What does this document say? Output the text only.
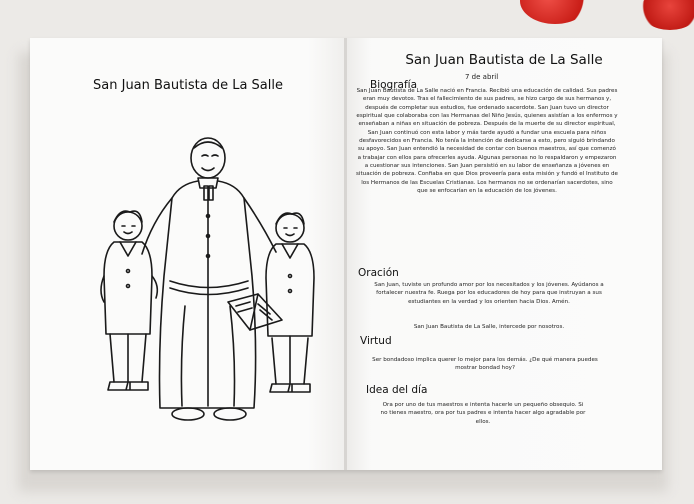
San Juan Bautista de La Salle
San Juan Bautista de La Salle
Biografía
7 de abril

San Juan Bautista de La Salle nació en Francia. Recibió una educación de calidad. Sus padres eran muy devotos. Tras el fallecimiento de sus padres, se hizo cargo de sus hermanos y, después de completar sus estudios, fue ordenado sacerdote. San Juan tuvo un director espiritual que colaboraba con las Hermanas del Niño Jesús, quienes asistían a los enfermos y enseñaban a niñas en situación de pobreza. Después de la muerte de su director espiritual, San Juan continuó con esta labor y más tarde ayudó a fundar una escuela para niños desfavorecidos en Francia. No tenía la intención de dedicarse a esto, pero siguió brindando su apoyo. San Juan entendió la necesidad de contar con buenos maestros, así que comenzó a trabajar con ellos para ofrecerles ayuda. Algunas personas no lo respaldaron y empezaron a cuestionar sus intenciones. San Juan persistió en su labor de enseñanza a jóvenes en situación de pobreza. Confiaba en que Dios proveería para esta misión y fundó el Instituto de los Hermanos de las Escuelas Cristianas. Los hermanos no se ordenarían sacerdotes, sino que se enfocarían en la educación de los jóvenes.

Oración

San Juan, tuviste un profundo amor por los necesitados y los jóvenes. Ayúdanos a fortalecer nuestra fe. Ruega por los educadores de hoy para que instruyan a sus estudiantes en la verdad y los orienten hacia Dios. Amén.

San Juan Bautista de La Salle, intercede por nosotros.

Virtud

Ser bondadoso implica querer lo mejor para los demás. ¿De qué manera puedes mostrar bondad hoy?

Idea del día

Ora por uno de tus maestros e intenta hacerle un pequeño obsequio. Si no tienes maestro, ora por tus padres e intenta hacer algo agradable por ellos.
